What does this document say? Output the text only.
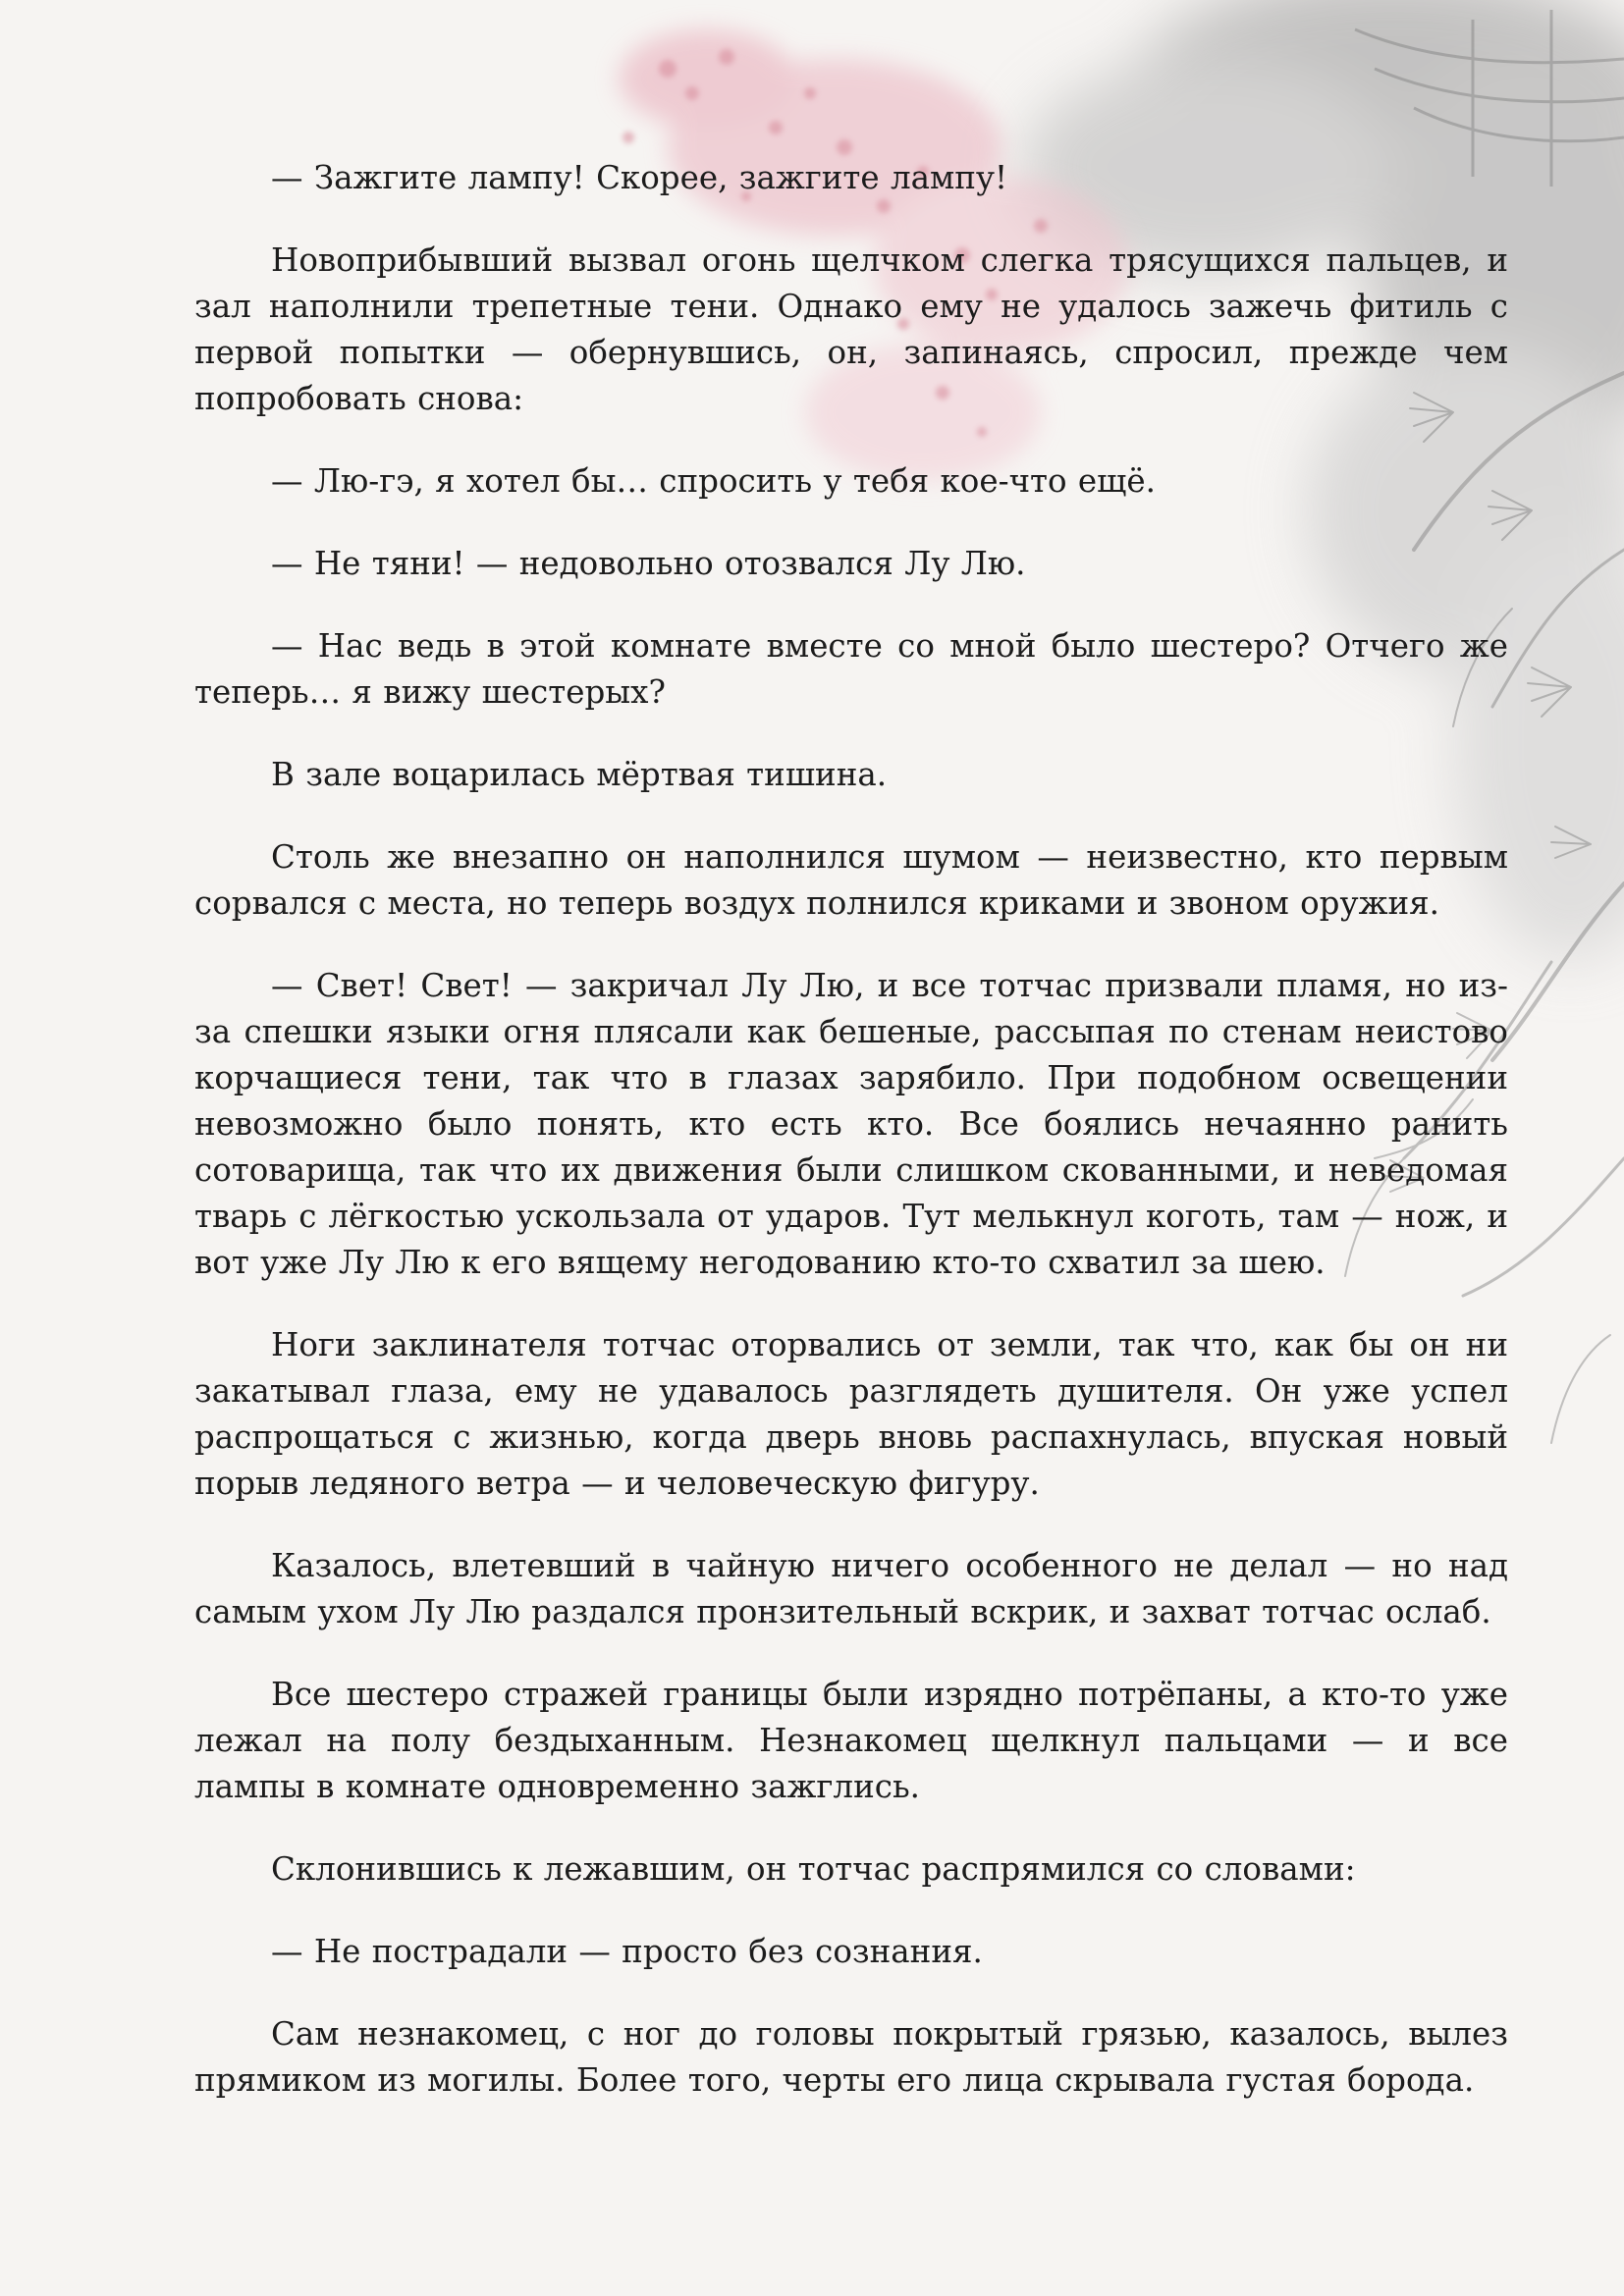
— Зажгите лампу! Скорее, зажгите лампу!

Новоприбывший вызвал огонь щелчком слегка трясущихся пальцев, и зал наполнили трепетные тени. Однако ему не удалось зажечь фитиль с первой попытки — обернувшись, он, запинаясь, спросил, прежде чем попробовать снова:

— Лю-гэ, я хотел бы… спросить у тебя кое-что ещё.

— Не тяни! — недовольно отозвался Лу Лю.

— Нас ведь в этой комнате вместе со мной было шестеро? Отчего же теперь… я вижу шестерых?

В зале воцарилась мёртвая тишина.

Столь же внезапно он наполнился шумом — неизвестно, кто первым сорвался с места, но теперь воздух полнился криками и звоном оружия.

— Свет! Свет! — закричал Лу Лю, и все тотчас призвали пламя, но из-за спешки языки огня плясали как бешеные, рассыпая по стенам неистово корчащиеся тени, так что в глазах зарябило. При подобном освещении невозможно было понять, кто есть кто. Все боялись нечаянно ранить сотоварища, так что их движения были слишком скованными, и неведомая тварь с лёгкостью ускользала от ударов. Тут мелькнул коготь, там — нож, и вот уже Лу Лю к его вящему негодованию кто-то схватил за шею.

Ноги заклинателя тотчас оторвались от земли, так что, как бы он ни закатывал глаза, ему не удавалось разглядеть душителя. Он уже успел распрощаться с жизнью, когда дверь вновь распахнулась, впуская новый порыв ледяного ветра — и человеческую фигуру.

Казалось, влетевший в чайную ничего особенного не делал — но над самым ухом Лу Лю раздался пронзительный вскрик, и захват тотчас ослаб.

Все шестеро стражей границы были изрядно потрёпаны, а кто-то уже лежал на полу бездыханным. Незнакомец щелкнул пальцами — и все лампы в комнате одновременно зажглись.

Склонившись к лежавшим, он тотчас распрямился со словами:

— Не пострадали — просто без сознания.

Сам незнакомец, с ног до головы покрытый грязью, казалось, вылез прямиком из могилы. Более того, черты его лица скрывала густая борода.
